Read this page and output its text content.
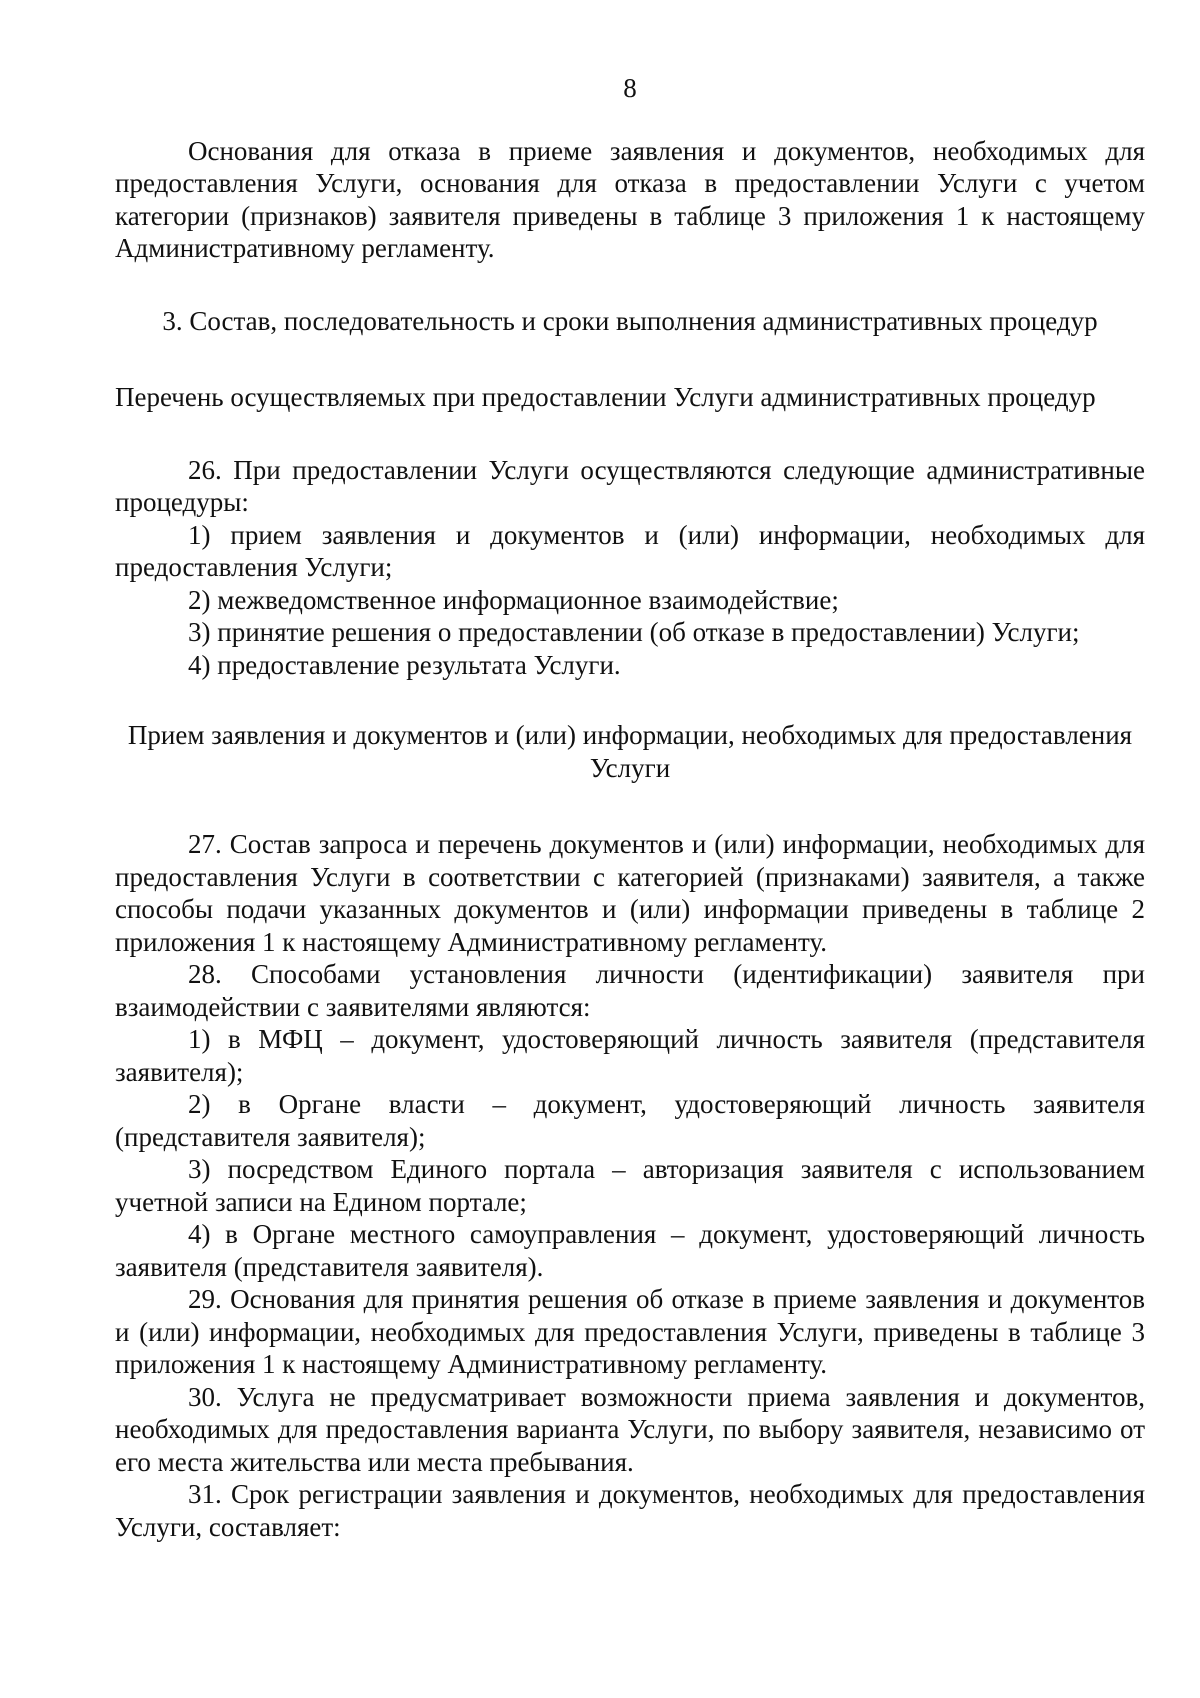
8

Основания для отказа в приеме заявления и документов, необходимых для предоставления Услуги, основания для отказа в предоставлении Услуги с учетом категории (признаков) заявителя приведены в таблице 3 приложения 1 к настоящему Административному регламенту.

3. Состав, последовательность и сроки выполнения административных процедур

Перечень осуществляемых при предоставлении Услуги административных процедур

26. При предоставлении Услуги осуществляются следующие административные процедуры:

1) прием заявления и документов и (или) информации, необходимых для предоставления Услуги;

2) межведомственное информационное взаимодействие;

3) принятие решения о предоставлении (об отказе в предоставлении) Услуги;

4) предоставление результата Услуги.

Прием заявления и документов и (или) информации, необходимых для предоставления Услуги

27. Состав запроса и перечень документов и (или) информации, необходимых для предоставления Услуги в соответствии с категорией (признаками) заявителя, а также способы подачи указанных документов и (или) информации приведены в таблице 2 приложения 1 к настоящему Административному регламенту.

28. Способами установления личности (идентификации) заявителя при взаимодействии с заявителями являются:

1) в МФЦ – документ, удостоверяющий личность заявителя (представителя заявителя);

2) в Органе власти – документ, удостоверяющий личность заявителя (представителя заявителя);

3) посредством Единого портала – авторизация заявителя с использованием учетной записи на Едином портале;

4) в Органе местного самоуправления – документ, удостоверяющий личность заявителя (представителя заявителя).

29. Основания для принятия решения об отказе в приеме заявления и документов и (или) информации, необходимых для предоставления Услуги, приведены в таблице 3 приложения 1 к настоящему Административному регламенту.

30. Услуга не предусматривает возможности приема заявления и документов, необходимых для предоставления варианта Услуги, по выбору заявителя, независимо от его места жительства или места пребывания.

31. Срок регистрации заявления и документов, необходимых для предоставления Услуги, составляет:
